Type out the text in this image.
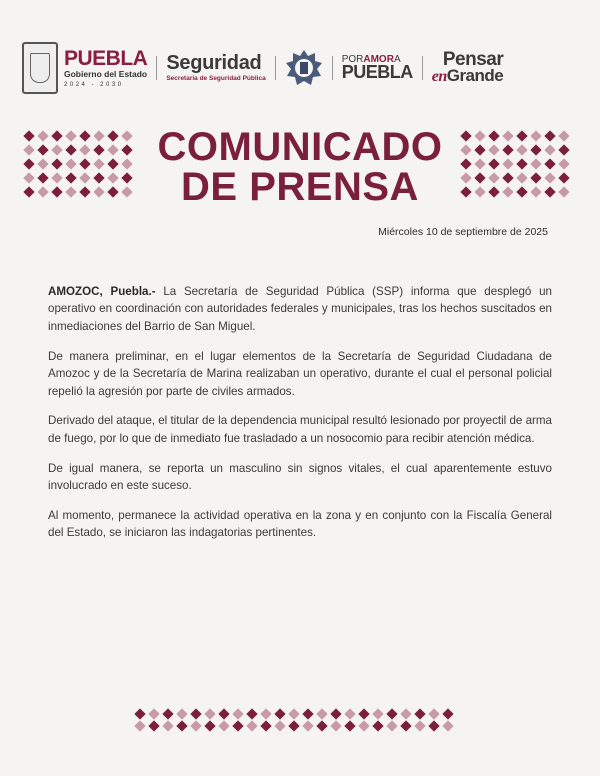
PUEBLA
Gobierno del Estado
2024 - 2030
Seguridad
Secretaría de Seguridad Pública
PORAMORA
PUEBLA
Pensar
enGrande
COMUNICADO
DE PRENSA
Miércoles 10 de septiembre de 2025

AMOZOC, Puebla.- La Secretaría de Seguridad Pública (SSP) informa que desplegó un operativo en coordinación con autoridades federales y municipales, tras los hechos suscitados en inmediaciones del Barrio de San Miguel.

De manera preliminar, en el lugar elementos de la Secretaría de Seguridad Ciudadana de Amozoc y de la Secretaría de Marina realizaban un operativo, durante el cual el personal policial repelió la agresión por parte de civiles armados.

Derivado del ataque, el titular de la dependencia municipal resultó lesionado por proyectil de arma de fuego, por lo que de inmediato fue trasladado a un nosocomio para recibir atención médica.

De igual manera, se reporta un masculino sin signos vitales, el cual aparentemente estuvo involucrado en este suceso.

Al momento, permanece la actividad operativa en la zona y en conjunto con la Fiscalía General del Estado, se iniciaron las indagatorias pertinentes.
